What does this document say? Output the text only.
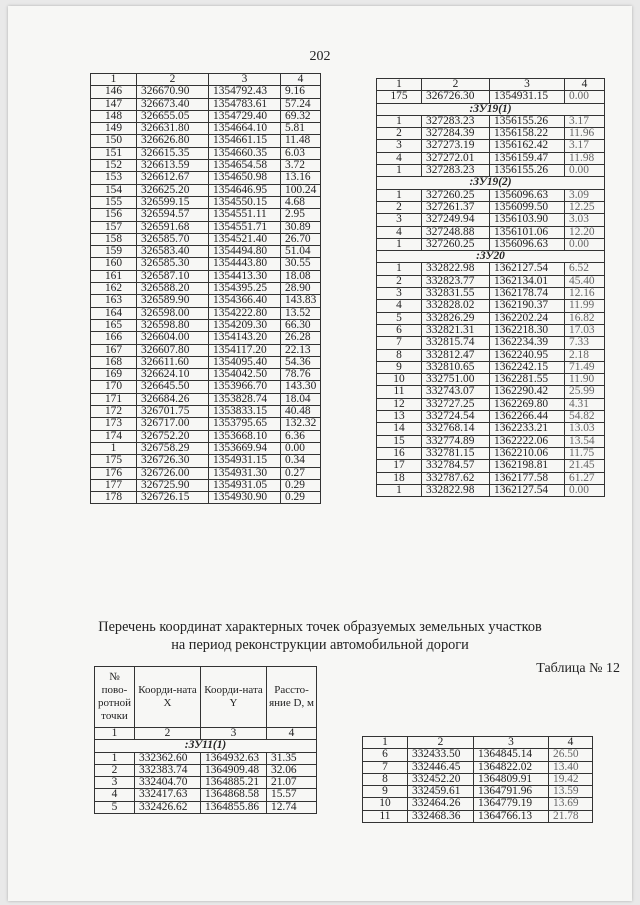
202
1	2	3	4
146	326670.90	1354792.43	9.16
147	326673.40	1354783.61	57.24
148	326655.05	1354729.40	69.32
149	326631.80	1354664.10	5.81
150	326626.80	1354661.15	11.48
151	326615.35	1354660.35	6.03
152	326613.59	1354654.58	3.72
153	326612.67	1354650.98	13.16
154	326625.20	1354646.95	100.24
155	326599.15	1354550.15	4.68
156	326594.57	1354551.11	2.95
157	326591.68	1354551.71	30.89
158	326585.70	1354521.40	26.70
159	326583.40	1354494.80	51.04
160	326585.30	1354443.80	30.55
161	326587.10	1354413.30	18.08
162	326588.20	1354395.25	28.90
163	326589.90	1354366.40	143.83
164	326598.00	1354222.80	13.52
165	326598.80	1354209.30	66.30
166	326604.00	1354143.20	26.28
167	326607.80	1354117.20	22.13
168	326611.60	1354095.40	54.36
169	326624.10	1354042.50	78.76
170	326645.50	1353966.70	143.30
171	326684.26	1353828.74	18.04
172	326701.75	1353833.15	40.48
173	326717.00	1353795.65	132.32
174	326752.20	1353668.10	6.36
1	326758.29	1353669.94	0.00
175	326726.30	1354931.15	0.34
176	326726.00	1354931.30	0.27
177	326725.90	1354931.05	0.29
178	326726.15	1354930.90	0.29
1	2	3	4
175	326726.30	1354931.15	0.00
:ЗУ19(1)			
1	327283.23	1356155.26	3.17
2	327284.39	1356158.22	11.96
3	327273.19	1356162.42	3.17
4	327272.01	1356159.47	11.98
1	327283.23	1356155.26	0.00
:ЗУ19(2)			
1	327260.25	1356096.63	3.09
2	327261.37	1356099.50	12.25
3	327249.94	1356103.90	3.03
4	327248.88	1356101.06	12.20
1	327260.25	1356096.63	0.00
:ЗУ20			
1	332822.98	1362127.54	6.52
2	332823.77	1362134.01	45.40
3	332831.55	1362178.74	12.16
4	332828.02	1362190.37	11.99
5	332826.29	1362202.24	16.82
6	332821.31	1362218.30	17.03
7	332815.74	1362234.39	7.33
8	332812.47	1362240.95	2.18
9	332810.65	1362242.15	71.49
10	332751.00	1362281.55	11.90
11	332743.07	1362290.42	25.99
12	332727.25	1362269.80	4.31
13	332724.54	1362266.44	54.82
14	332768.14	1362233.21	13.03
15	332774.89	1362222.06	13.54
16	332781.15	1362210.06	11.75
17	332784.57	1362198.81	21.45
18	332787.62	1362177.58	61.27
1	332822.98	1362127.54	0.00
Перечень координат характерных точек образуемых земельных участков
на период реконструкции автомобильной дороги
Таблица № 12
№ пово-ротной точки	Коорди-ната X	Коорди-ната Y	Рассто-яние D, м
1	2	3	4
:ЗУ11(1)			
1	332362.60	1364932.63	31.35
2	332383.74	1364909.48	32.06
3	332404.70	1364885.21	21.07
4	332417.63	1364868.58	15.57
5	332426.62	1364855.86	12.74
1	2	3	4
6	332433.50	1364845.14	26.50
7	332446.45	1364822.02	13.40
8	332452.20	1364809.91	19.42
9	332459.61	1364791.96	13.59
10	332464.26	1364779.19	13.69
11	332468.36	1364766.13	21.78
